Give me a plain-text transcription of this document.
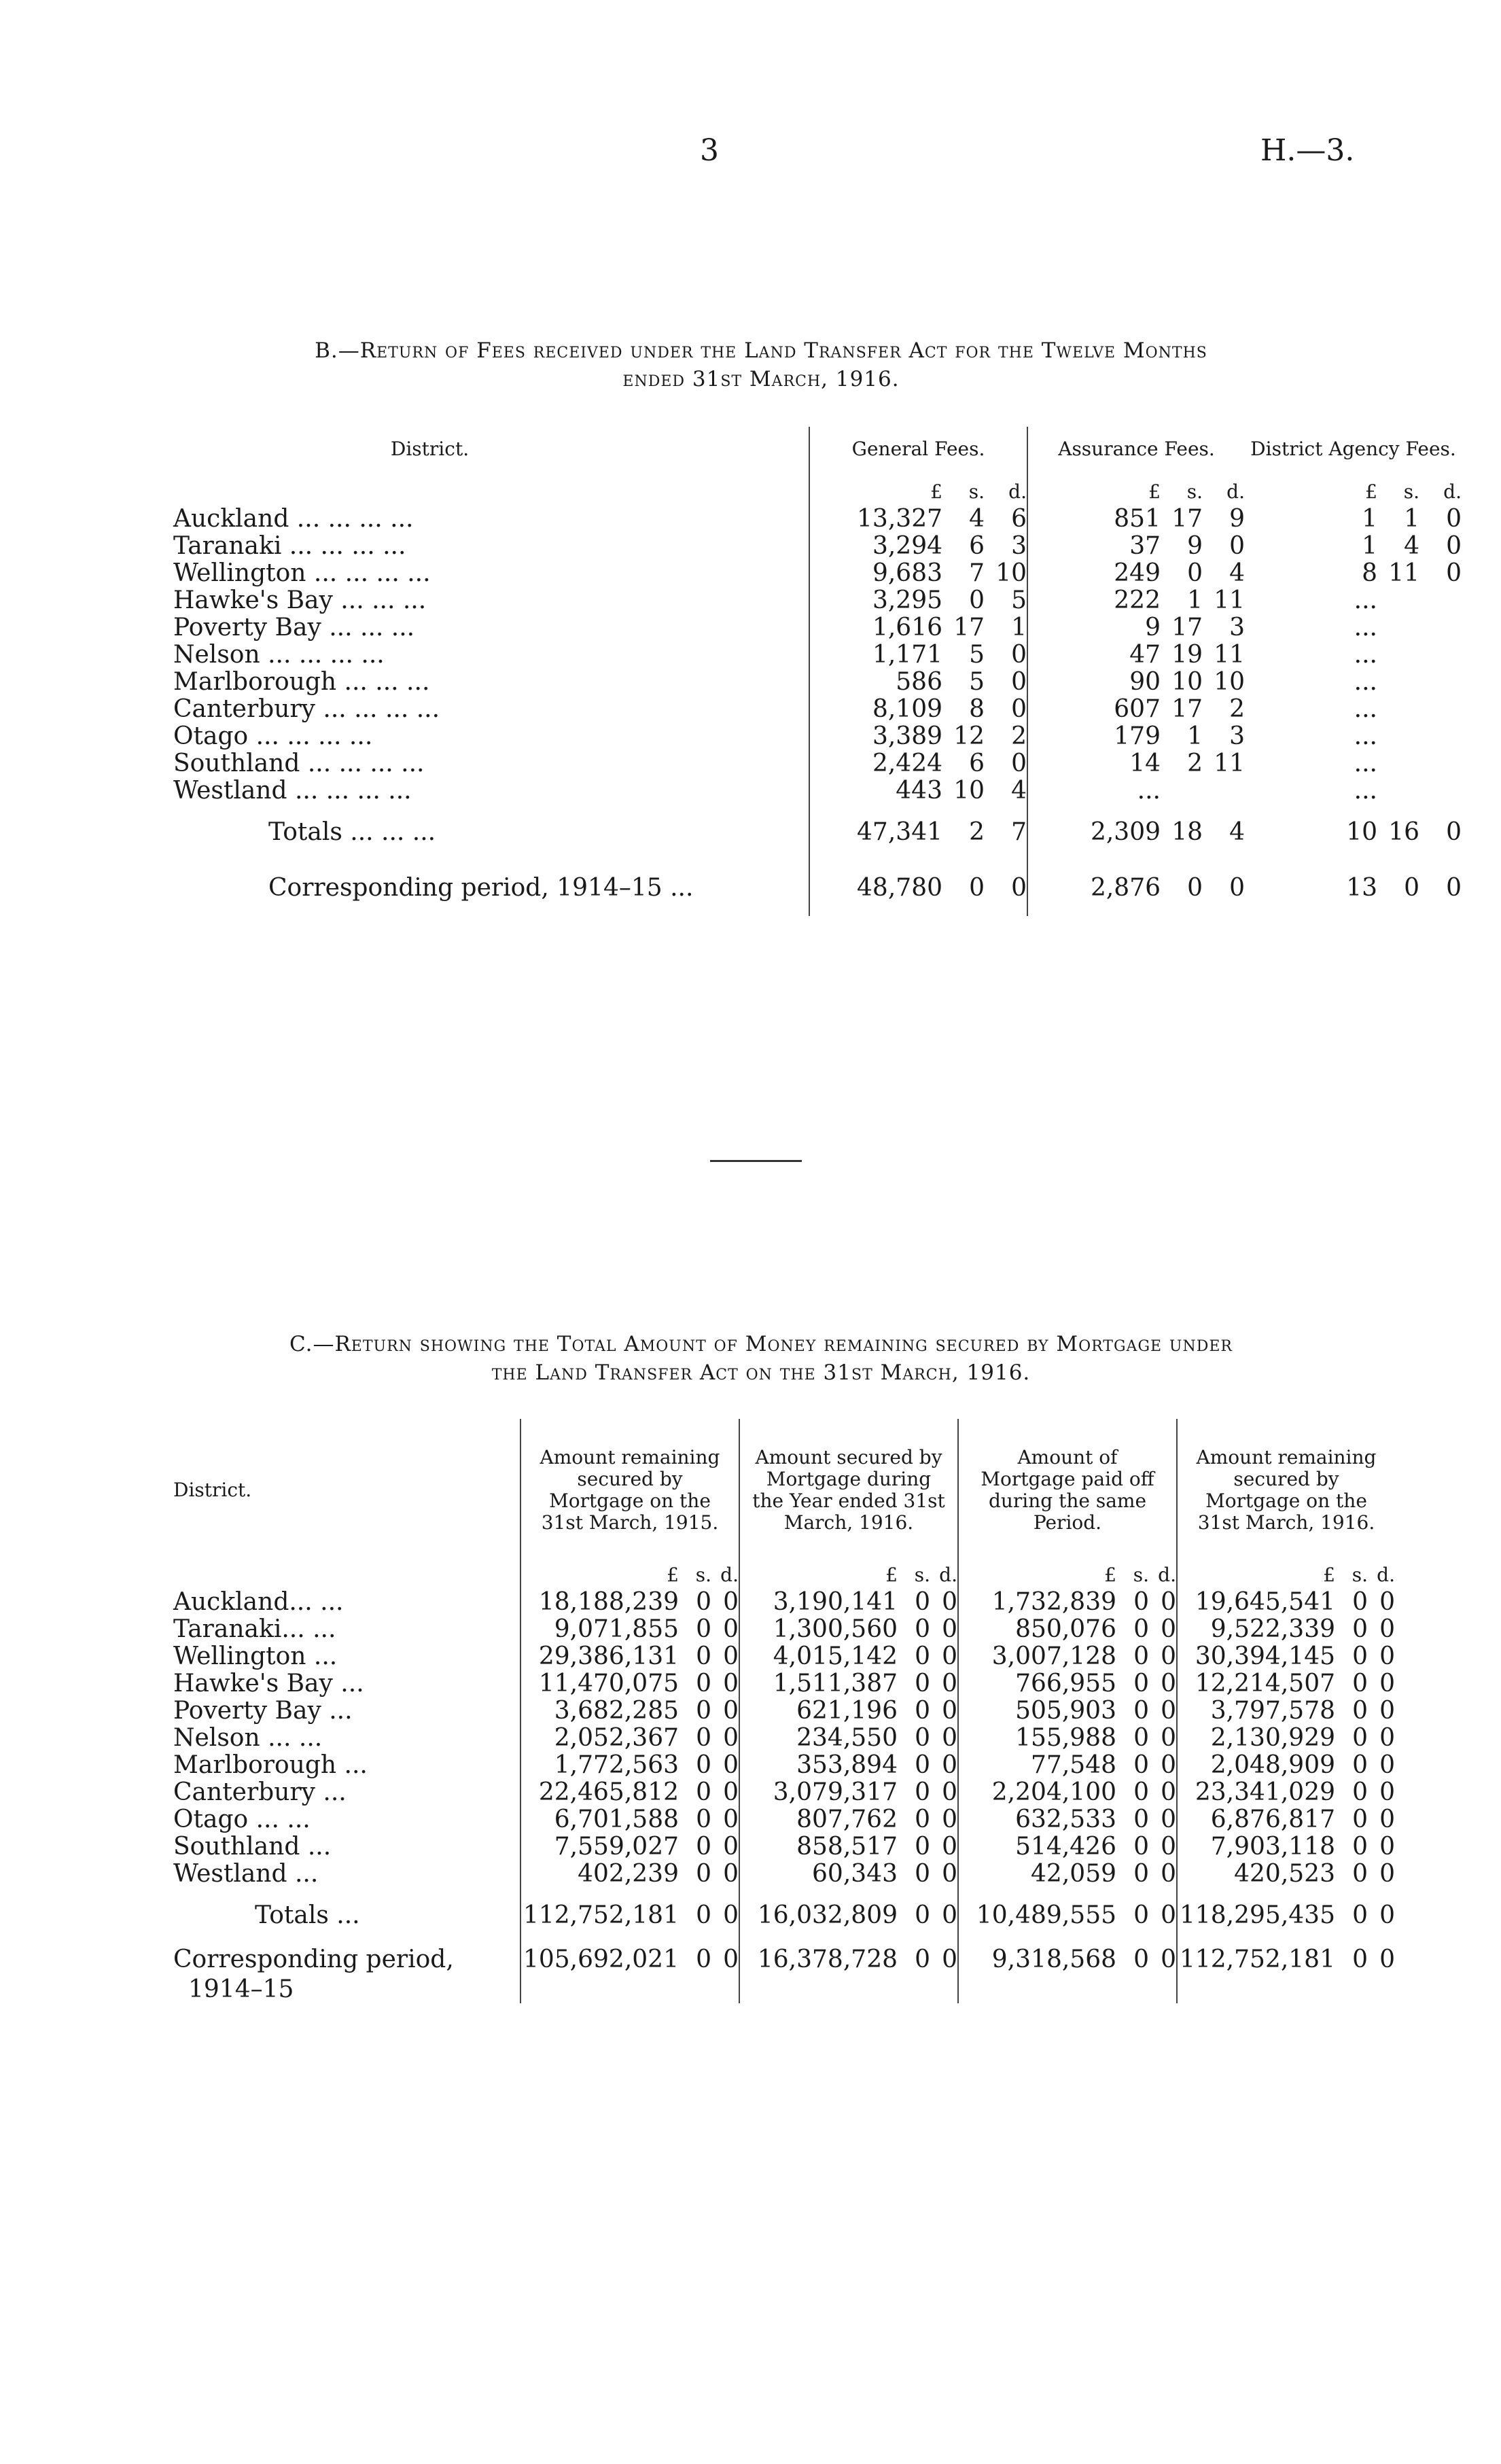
3	H.—3.
B.—Return of Fees received under the Land Transfer Act for the Twelve Months
ended 31st March, 1916.
District.	General Fees.			Assurance Fees.			District Agency Fees.		
	£	s.	d.	£	s.	d.	£	s.	d.
Auckland ... ... ... ...	13,327	4	6	851	17	9	1	1	0
Taranaki ... ... ... ...	3,294	6	3	37	9	0	1	4	0
Wellington ... ... ... ...	9,683	7	10	249	0	4	8	11	0
Hawke's Bay ... ... ...	3,295	0	5	222	1	11	...		
Poverty Bay ... ... ...	1,616	17	1	9	17	3	...		
Nelson ... ... ... ...	1,171	5	0	47	19	11	...		
Marlborough ... ... ...	586	5	0	90	10	10	...		
Canterbury ... ... ... ...	8,109	8	0	607	17	2	...		
Otago ... ... ... ...	3,389	12	2	179	1	3	...		
Southland ... ... ... ...	2,424	6	0	14	2	11	...		
Westland ... ... ... ...	443	10	4	...			...		
Totals ... ... ...	47,341	2	7	2,309	18	4	10	16	0
Corresponding period, 1914–15 ...	48,780	0	0	2,876	0	0	13	0	0
C.—Return showing the Total Amount of Money remaining secured by Mortgage under
the Land Transfer Act on the 31st March, 1916.
District.	Amount remaining secured by Mortgage on the 31st March, 1915.			Amount secured by Mortgage during the Year ended 31st March, 1916.			Amount of Mortgage paid off during the same Period.			Amount remaining secured by Mortgage on the 31st March, 1916.		
	£	s.	d.	£	s.	d.	£	s.	d.	£	s.	d.
Auckland... ...	18,188,239	0	0	3,190,141	0	0	1,732,839	0	0	19,645,541	0	0
Taranaki... ...	9,071,855	0	0	1,300,560	0	0	850,076	0	0	9,522,339	0	0
Wellington ...	29,386,131	0	0	4,015,142	0	0	3,007,128	0	0	30,394,145	0	0
Hawke's Bay ...	11,470,075	0	0	1,511,387	0	0	766,955	0	0	12,214,507	0	0
Poverty Bay ...	3,682,285	0	0	621,196	0	0	505,903	0	0	3,797,578	0	0
Nelson ... ...	2,052,367	0	0	234,550	0	0	155,988	0	0	2,130,929	0	0
Marlborough ...	1,772,563	0	0	353,894	0	0	77,548	0	0	2,048,909	0	0
Canterbury ...	22,465,812	0	0	3,079,317	0	0	2,204,100	0	0	23,341,029	0	0
Otago ... ...	6,701,588	0	0	807,762	0	0	632,533	0	0	6,876,817	0	0
Southland ...	7,559,027	0	0	858,517	0	0	514,426	0	0	7,903,118	0	0
Westland ...	402,239	0	0	60,343	0	0	42,059	0	0	420,523	0	0
Totals ...	112,752,181	0	0	16,032,809	0	0	10,489,555	0	0	118,295,435	0	0
Corresponding period,	105,692,021	0	0	16,378,728	0	0	9,318,568	0	0	112,752,181	0	0
1914–15												
